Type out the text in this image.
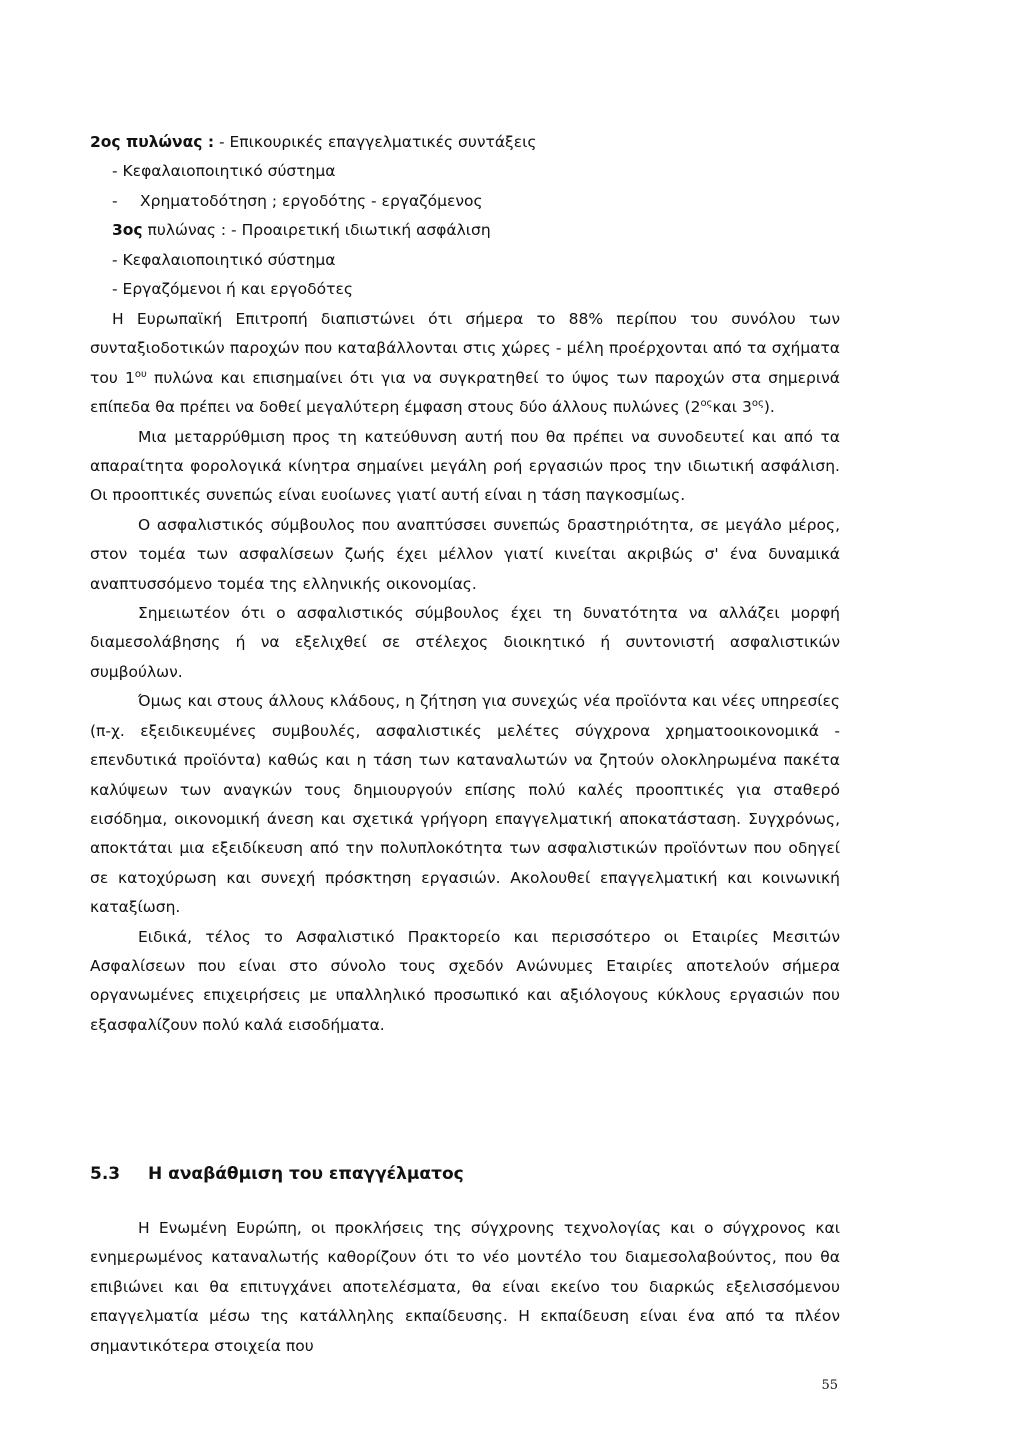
2ος πυλώνας : - Επικουρικές επαγγελματικές συντάξεις
- Κεφαλαιοποιητικό σύστημα
- Χρηματοδότηση ; εργοδότης - εργαζόμενος
3ος πυλώνας : - Προαιρετική ιδιωτική ασφάλιση
- Κεφαλαιοποιητικό σύστημα
- Εργαζόμενοι ή και εργοδότες

Η Ευρωπαϊκή Επιτροπή διαπιστώνει ότι σήμερα το 88% περίπου του συνόλου των συνταξιοδοτικών παροχών που καταβάλλονται στις χώρες - μέλη προέρχονται από τα σχήματα του $1^{o\upsilon}$ πυλώνα και επισημαίνει ότι για να συγκρατηθεί το ύψος των παροχών στα σημερινά επίπεδα θα πρέπει να δοθεί μεγαλύτερη έμφαση στους δύο άλλους πυλώνες ($2^{o\varsigma}\kappa\alpha\iota$ $3^{o\varsigma}$).

Μια μεταρρύθμιση προς τη κατεύθυνση αυτή που θα πρέπει να συνοδευτεί και από τα απαραίτητα φορολογικά κίνητρα σημαίνει μεγάλη ροή εργασιών προς την ιδιωτική ασφάλιση. Οι προοπτικές συνεπώς είναι ευοίωνες γιατί αυτή είναι η τάση παγκοσμίως.

Ο ασφαλιστικός σύμβουλος που αναπτύσσει συνεπώς δραστηριότητα, σε μεγάλο μέρος, στον τομέα των ασφαλίσεων ζωής έχει μέλλον γιατί κινείται ακριβώς σ' ένα δυναμικά αναπτυσσόμενο τομέα της ελληνικής οικονομίας.

Σημειωτέον ότι ο ασφαλιστικός σύμβουλος έχει τη δυνατότητα να αλλάζει μορφή διαμεσολάβησης ή να εξελιχθεί σε στέλεχος διοικητικό ή συντονιστή ασφαλιστικών συμβούλων.

Όμως και στους άλλους κλάδους, η ζήτηση για συνεχώς νέα προϊόντα και νέες υπηρεσίες (π-χ. εξειδικευμένες συμβουλές, ασφαλιστικές μελέτες σύγχρονα χρηματοοικονομικά - επενδυτικά προϊόντα) καθώς και η τάση των καταναλωτών να ζητούν ολοκληρωμένα πακέτα καλύψεων των αναγκών τους δημιουργούν επίσης πολύ καλές προοπτικές για σταθερό εισόδημα, οικονομική άνεση και σχετικά γρήγορη επαγγελματική αποκατάσταση. Συγχρόνως, αποκτάται μια εξειδίκευση από την πολυπλοκότητα των ασφαλιστικών προϊόντων που οδηγεί σε κατοχύρωση και συνεχή πρόσκτηση εργασιών. Ακολουθεί επαγγελματική και κοινωνική καταξίωση.

Ειδικά, τέλος το Ασφαλιστικό Πρακτορείο και περισσότερο οι Εταιρίες Μεσιτών Ασφαλίσεων που είναι στο σύνολο τους σχεδόν Ανώνυμες Εταιρίες αποτελούν σήμερα οργανωμένες επιχειρήσεις με υπαλληλικό προσωπικό και αξιόλογους κύκλους εργασιών που εξασφαλίζουν πολύ καλά εισοδήματα.

5.3 Η αναβάθμιση του επαγγέλματος

Η Ενωμένη Ευρώπη, οι προκλήσεις της σύγχρονης τεχνολογίας και ο σύγχρονος και ενημερωμένος καταναλωτής καθορίζουν ότι το νέο μοντέλο του διαμεσολαβούντος, που θα επιβιώνει και θα επιτυγχάνει αποτελέσματα, θα είναι εκείνο του διαρκώς εξελισσόμενου επαγγελματία μέσω της κατάλληλης εκπαίδευσης. Η εκπαίδευση είναι ένα από τα πλέον σημαντικότερα στοιχεία που

55
